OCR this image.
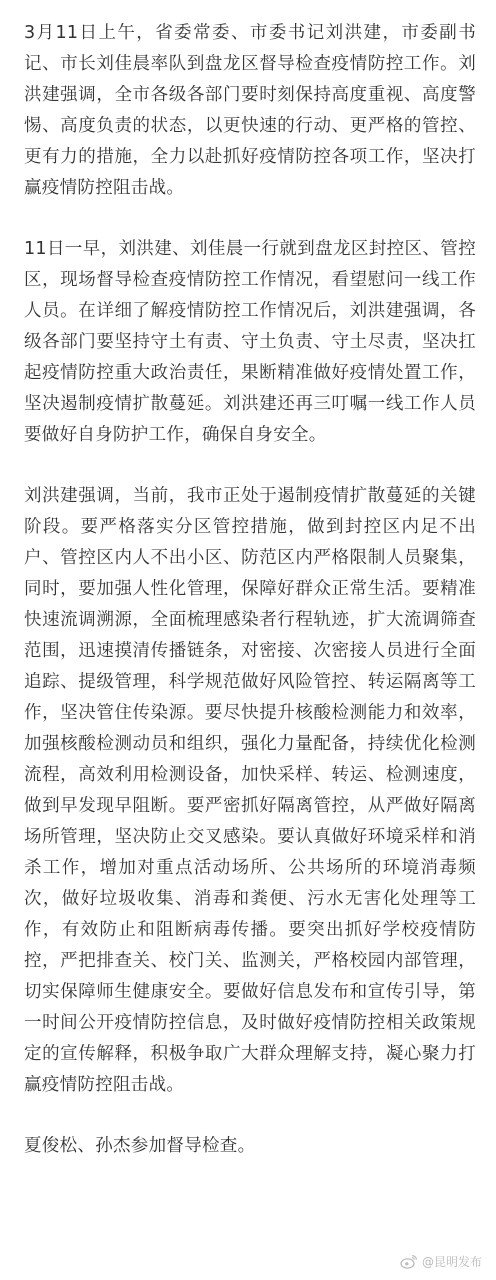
3月11日上午，省委常委、市委书记刘洪建，市委副书记、市长刘佳晨率队到盘龙区督导检查疫情防控工作。刘洪建强调，全市各级各部门要时刻保持高度重视、高度警惕、高度负责的状态，以更快速的行动、更严格的管控、更有力的措施，全力以赴抓好疫情防控各项工作，坚决打赢疫情防控阻击战。

11日一早，刘洪建、刘佳晨一行就到盘龙区封控区、管控区，现场督导检查疫情防控工作情况，看望慰问一线工作人员。在详细了解疫情防控工作情况后，刘洪建强调，各级各部门要坚持守土有责、守土负责、守土尽责，坚决扛起疫情防控重大政治责任，果断精准做好疫情处置工作，坚决遏制疫情扩散蔓延。刘洪建还再三叮嘱一线工作人员要做好自身防护工作，确保自身安全。

刘洪建强调，当前，我市正处于遏制疫情扩散蔓延的关键阶段。要严格落实分区管控措施，做到封控区内足不出户、管控区内人不出小区、防范区内严格限制人员聚集，同时，要加强人性化管理，保障好群众正常生活。要精准快速流调溯源，全面梳理感染者行程轨迹，扩大流调筛查范围，迅速摸清传播链条，对密接、次密接人员进行全面追踪、提级管理，科学规范做好风险管控、转运隔离等工作，坚决管住传染源。要尽快提升核酸检测能力和效率，加强核酸检测动员和组织，强化力量配备，持续优化检测流程，高效利用检测设备，加快采样、转运、检测速度，做到早发现早阻断。要严密抓好隔离管控，从严做好隔离场所管理，坚决防止交叉感染。要认真做好环境采样和消杀工作，增加对重点活动场所、公共场所的环境消毒频次，做好垃圾收集、消毒和粪便、污水无害化处理等工作，有效防止和阻断病毒传播。要突出抓好学校疫情防控，严把排查关、校门关、监测关，严格校园内部管理，切实保障师生健康安全。要做好信息发布和宣传引导，第一时间公开疫情防控信息，及时做好疫情防控相关政策规定的宣传解释，积极争取广大群众理解支持，凝心聚力打赢疫情防控阻击战。

夏俊松、孙杰参加督导检查。

@昆明发布
